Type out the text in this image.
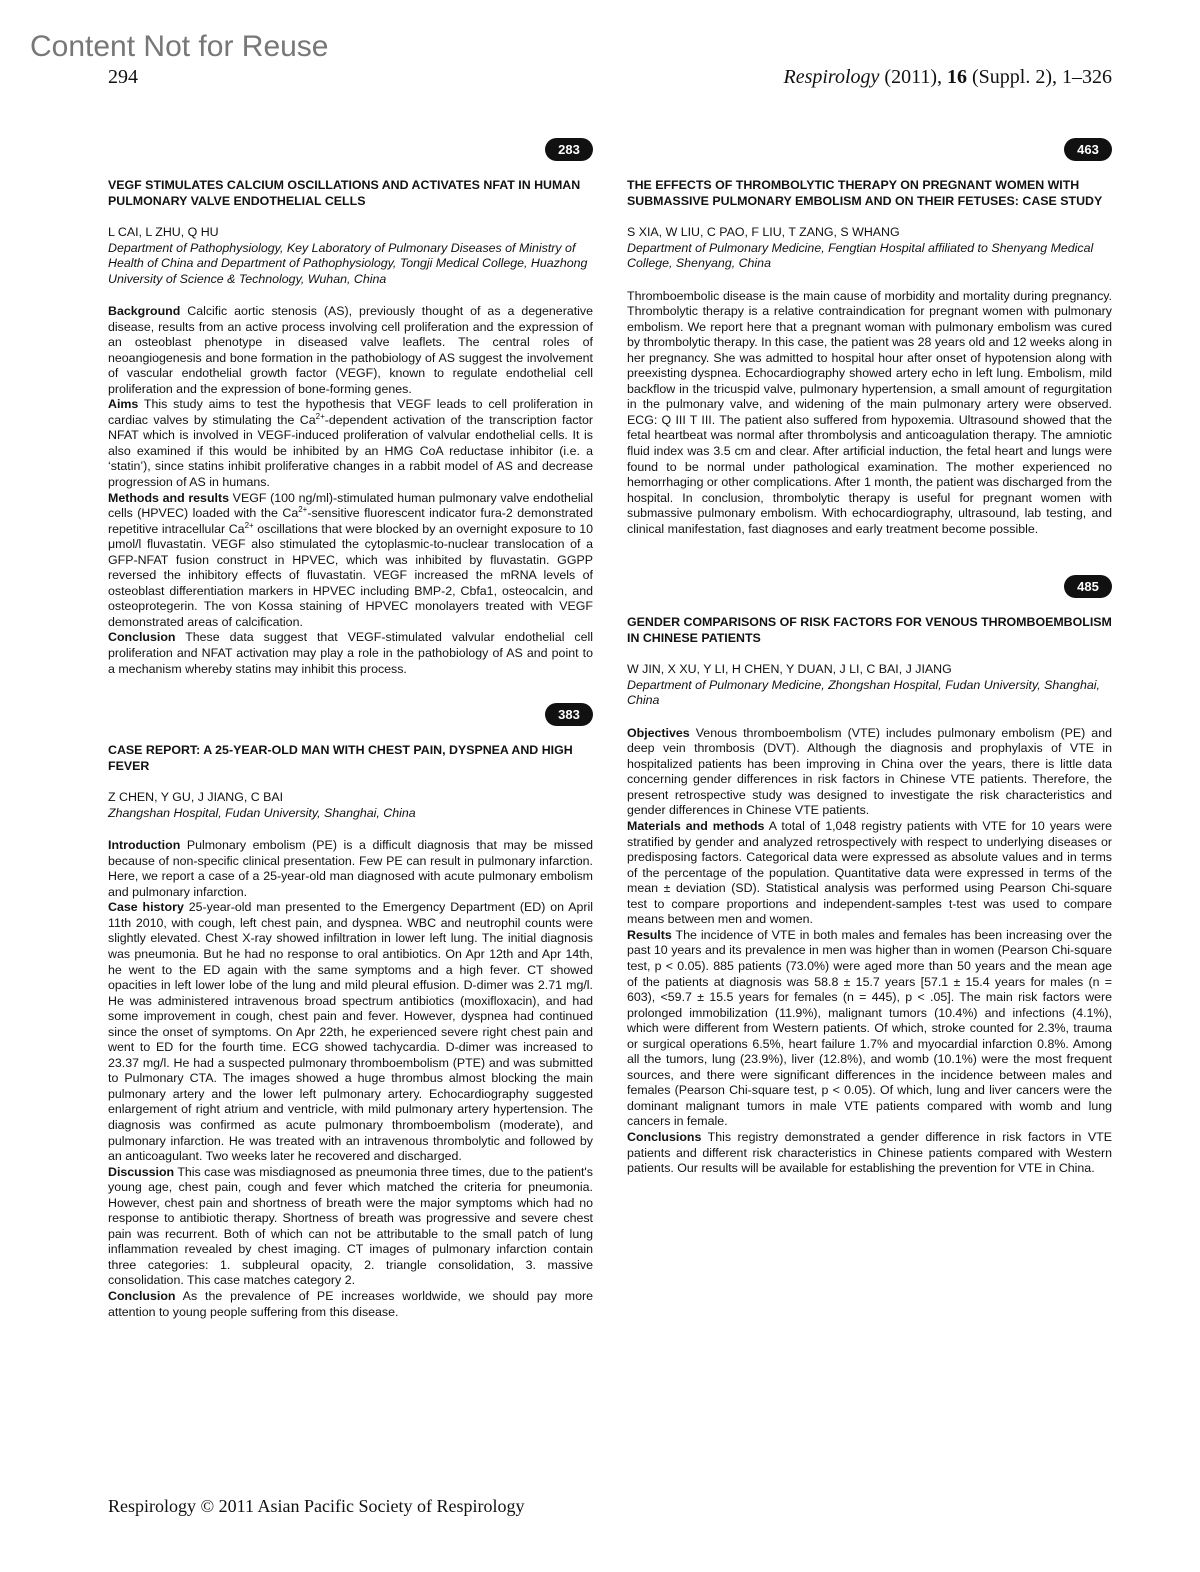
Content Not for Reuse
294	Respirology (2011), 16 (Suppl. 2), 1–326
283
VEGF STIMULATES CALCIUM OSCILLATIONS AND ACTIVATES NFAT IN HUMAN PULMONARY VALVE ENDOTHELIAL CELLS
L CAI, L ZHU, Q HU
Department of Pathophysiology, Key Laboratory of Pulmonary Diseases of Ministry of Health of China and Department of Pathophysiology, Tongji Medical College, Huazhong University of Science & Technology, Wuhan, China

Background Calcific aortic stenosis (AS), previously thought of as a degenerative disease, results from an active process involving cell proliferation and the expression of an osteoblast phenotype in diseased valve leaflets. The central roles of neoangiogenesis and bone formation in the pathobiology of AS suggest the involvement of vascular endothelial growth factor (VEGF), known to regulate endothelial cell proliferation and the expression of bone-forming genes.

Aims This study aims to test the hypothesis that VEGF leads to cell proliferation in cardiac valves by stimulating the $Ca^{2+}$-dependent activation of the transcription factor NFAT which is involved in VEGF-induced proliferation of valvular endothelial cells. It is also examined if this would be inhibited by an HMG CoA reductase inhibitor (i.e. a ‘statin’), since statins inhibit proliferative changes in a rabbit model of AS and decrease progression of AS in humans.

Methods and results VEGF (100 ng/ml)-stimulated human pulmonary valve endothelial cells (HPVEC) loaded with the $Ca^{2+}$-sensitive fluorescent indicator fura-2 demonstrated repetitive intracellular $Ca^{2+}$ oscillations that were blocked by an overnight exposure to 10 μmol/l fluvastatin. VEGF also stimulated the cytoplasmic-to-nuclear translocation of a GFP-NFAT fusion construct in HPVEC, which was inhibited by fluvastatin. GGPP reversed the inhibitory effects of fluvastatin. VEGF increased the mRNA levels of osteoblast differentiation markers in HPVEC including BMP-2, Cbfa1, osteocalcin, and osteoprotegerin. The von Kossa staining of HPVEC monolayers treated with VEGF demonstrated areas of calcification.

Conclusion These data suggest that VEGF-stimulated valvular endothelial cell proliferation and NFAT activation may play a role in the pathobiology of AS and point to a mechanism whereby statins may inhibit this process.

383
CASE REPORT: A 25-YEAR-OLD MAN WITH CHEST PAIN, DYSPNEA AND HIGH FEVER
Z CHEN, Y GU, J JIANG, C BAI
Zhangshan Hospital, Fudan University, Shanghai, China

Introduction Pulmonary embolism (PE) is a difficult diagnosis that may be missed because of non-specific clinical presentation. Few PE can result in pulmonary infarction. Here, we report a case of a 25-year-old man diagnosed with acute pulmonary embolism and pulmonary infarction.

Case history 25-year-old man presented to the Emergency Department (ED) on April 11th 2010, with cough, left chest pain, and dyspnea. WBC and neutrophil counts were slightly elevated. Chest X-ray showed infiltration in lower left lung. The initial diagnosis was pneumonia. But he had no response to oral antibiotics. On Apr 12th and Apr 14th, he went to the ED again with the same symptoms and a high fever. CT showed opacities in left lower lobe of the lung and mild pleural effusion. D-dimer was 2.71 mg/l. He was administered intravenous broad spectrum antibiotics (moxifloxacin), and had some improvement in cough, chest pain and fever. However, dyspnea had continued since the onset of symptoms. On Apr 22th, he experienced severe right chest pain and went to ED for the fourth time. ECG showed tachycardia. D-dimer was increased to 23.37 mg/l. He had a suspected pulmonary thromboembolism (PTE) and was submitted to Pulmonary CTA. The images showed a huge thrombus almost blocking the main pulmonary artery and the lower left pulmonary artery. Echocardiography suggested enlargement of right atrium and ventricle, with mild pulmonary artery hypertension. The diagnosis was confirmed as acute pulmonary thromboembolism (moderate), and pulmonary infarction. He was treated with an intravenous thrombolytic and followed by an anticoagulant. Two weeks later he recovered and discharged.

Discussion This case was misdiagnosed as pneumonia three times, due to the patient's young age, chest pain, cough and fever which matched the criteria for pneumonia. However, chest pain and shortness of breath were the major symptoms which had no response to antibiotic therapy. Shortness of breath was progressive and severe chest pain was recurrent. Both of which can not be attributable to the small patch of lung inflammation revealed by chest imaging. CT images of pulmonary infarction contain three categories: 1. subpleural opacity, 2. triangle consolidation, 3. massive consolidation. This case matches category 2.

Conclusion As the prevalence of PE increases worldwide, we should pay more attention to young people suffering from this disease.

463
THE EFFECTS OF THROMBOLYTIC THERAPY ON PREGNANT WOMEN WITH SUBMASSIVE PULMONARY EMBOLISM AND ON THEIR FETUSES: CASE STUDY
S XIA, W LIU, C PAO, F LIU, T ZANG, S WHANG
Department of Pulmonary Medicine, Fengtian Hospital affiliated to Shenyang Medical College, Shenyang, China

Thromboembolic disease is the main cause of morbidity and mortality during pregnancy. Thrombolytic therapy is a relative contraindication for pregnant women with pulmonary embolism. We report here that a pregnant woman with pulmonary embolism was cured by thrombolytic therapy. In this case, the patient was 28 years old and 12 weeks along in her pregnancy. She was admitted to hospital hour after onset of hypotension along with preexisting dyspnea. Echocardiography showed artery echo in left lung. Embolism, mild backflow in the tricuspid valve, pulmonary hypertension, a small amount of regurgitation in the pulmonary valve, and widening of the main pulmonary artery were observed. ECG: Q III T III. The patient also suffered from hypoxemia. Ultrasound showed that the fetal heartbeat was normal after thrombolysis and anticoagulation therapy. The amniotic fluid index was 3.5 cm and clear. After artificial induction, the fetal heart and lungs were found to be normal under pathological examination. The mother experienced no hemorrhaging or other complications. After 1 month, the patient was discharged from the hospital. In conclusion, thrombolytic therapy is useful for pregnant women with submassive pulmonary embolism. With echocardiography, ultrasound, lab testing, and clinical manifestation, fast diagnoses and early treatment become possible.

485
GENDER COMPARISONS OF RISK FACTORS FOR VENOUS THROMBOEMBOLISM IN CHINESE PATIENTS
W JIN, X XU, Y LI, H CHEN, Y DUAN, J LI, C BAI, J JIANG
Department of Pulmonary Medicine, Zhongshan Hospital, Fudan University, Shanghai, China

Objectives Venous thromboembolism (VTE) includes pulmonary embolism (PE) and deep vein thrombosis (DVT). Although the diagnosis and prophylaxis of VTE in hospitalized patients has been improving in China over the years, there is little data concerning gender differences in risk factors in Chinese VTE patients. Therefore, the present retrospective study was designed to investigate the risk characteristics and gender differences in Chinese VTE patients.

Materials and methods A total of 1,048 registry patients with VTE for 10 years were stratified by gender and analyzed retrospectively with respect to underlying diseases or predisposing factors. Categorical data were expressed as absolute values and in terms of the percentage of the population. Quantitative data were expressed in terms of the mean ± deviation (SD). Statistical analysis was performed using Pearson Chi-square test to compare proportions and independent-samples t-test was used to compare means between men and women.

Results The incidence of VTE in both males and females has been increasing over the past 10 years and its prevalence in men was higher than in women (Pearson Chi-square test, p < 0.05). 885 patients (73.0%) were aged more than 50 years and the mean age of the patients at diagnosis was 58.8 ± 15.7 years [57.1 ± 15.4 years for males (n = 603), <59.7 ± 15.5 years for females (n = 445), p < .05]. The main risk factors were prolonged immobilization (11.9%), malignant tumors (10.4%) and infections (4.1%), which were different from Western patients. Of which, stroke counted for 2.3%, trauma or surgical operations 6.5%, heart failure 1.7% and myocardial infarction 0.8%. Among all the tumors, lung (23.9%), liver (12.8%), and womb (10.1%) were the most frequent sources, and there were significant differences in the incidence between males and females (Pearson Chi-square test, p < 0.05). Of which, lung and liver cancers were the dominant malignant tumors in male VTE patients compared with womb and lung cancers in female.

Conclusions This registry demonstrated a gender difference in risk factors in VTE patients and different risk characteristics in Chinese patients compared with Western patients. Our results will be available for establishing the prevention for VTE in China.

Respirology © 2011 Asian Pacific Society of Respirology
